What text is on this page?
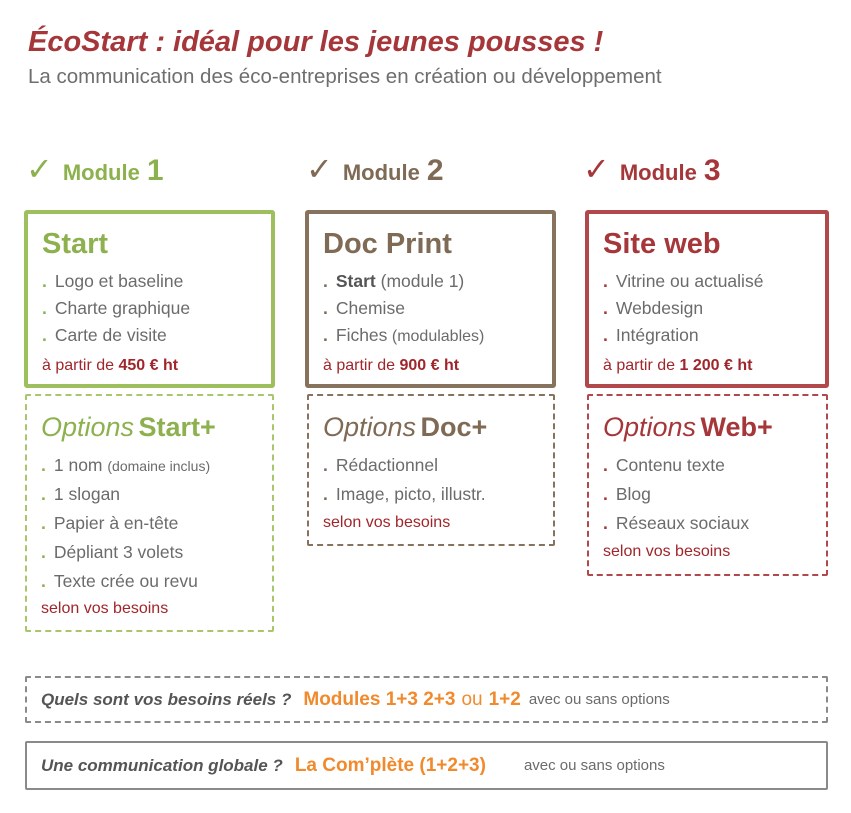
ÉcoStart : idéal pour les jeunes pousses !
La communication des éco-entreprises en création ou développement
✓ Module 1	✓ Module 2	✓ Module 3
Start
. Logo et baseline
. Charte graphique
. Carte de visite
à partir de 450 € ht
Doc Print
. Start (module 1)
. Chemise
. Fiches (modulables)
à partir de 900 € ht
Site web
. Vitrine ou actualisé
. Webdesign
. Intégration
à partir de 1 200 € ht
Options Start+
. 1 nom (domaine inclus)
. 1 slogan
. Papier à en-tête
. Dépliant 3 volets
. Texte crée ou revu
selon vos besoins
Options Doc+
. Rédactionnel
. Image, picto, illustr.
selon vos besoins
Options Web+
. Contenu texte
. Blog
. Réseaux sociaux
selon vos besoins
Quels sont vos besoins réels ? Modules 1+3 2+3 ou 1+2 avec ou sans options
Une communication globale ? La Com’plète (1+2+3)	avec ou sans options
